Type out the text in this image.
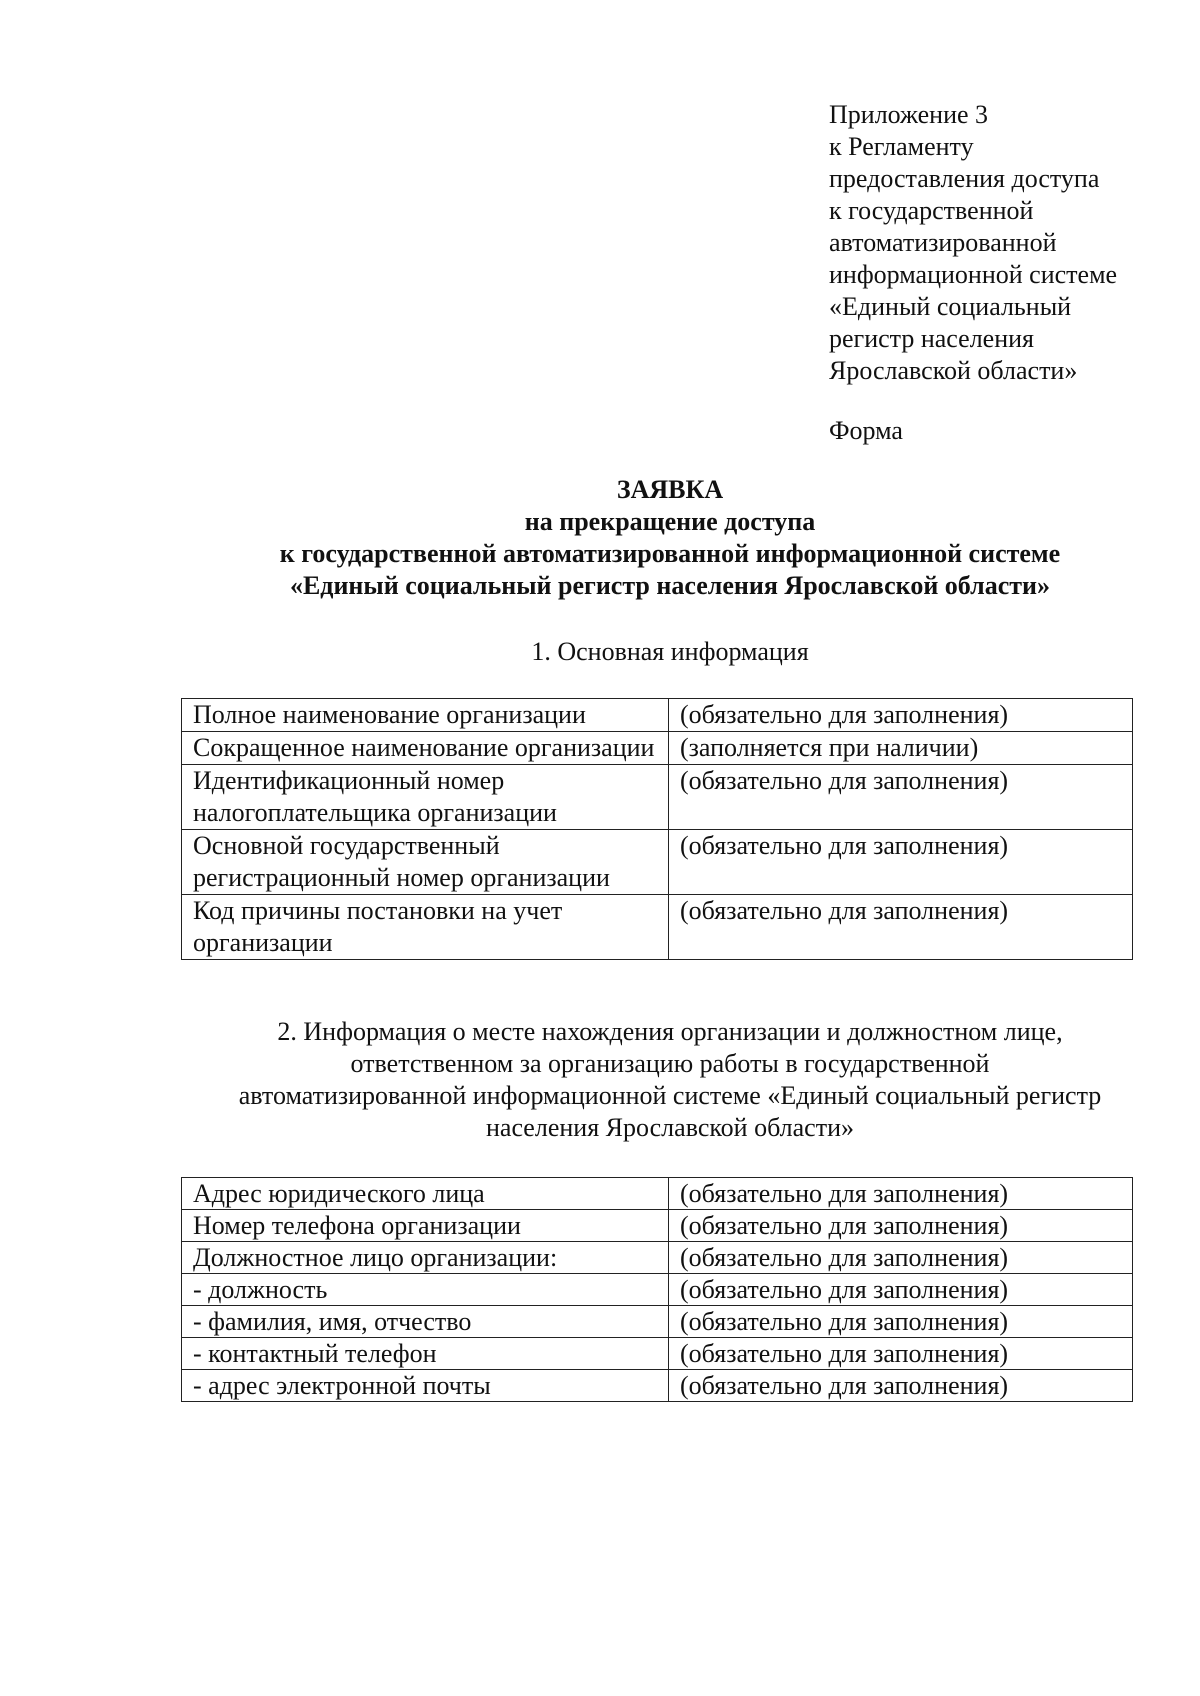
Приложение 3
к Регламенту
предоставления доступа
к государственной
автоматизированной
информационной системе
«Единый социальный
регистр населения
Ярославской области»
Форма
ЗАЯВКА
на прекращение доступа
к государственной автоматизированной информационной системе
«Единый социальный регистр населения Ярославской области»
1. Основная информация
Полное наименование организации	(обязательно для заполнения)
Сокращенное наименование организации	(заполняется при наличии)
Идентификационный номер налогоплательщика организации	(обязательно для заполнения)
Основной государственный регистрационный номер организации	(обязательно для заполнения)
Код причины постановки на учет организации	(обязательно для заполнения)
2. Информация о месте нахождения организации и должностном лице,
ответственном за организацию работы в государственной
автоматизированной информационной системе «Единый социальный регистр
населения Ярославской области»
Адрес юридического лица	(обязательно для заполнения)
Номер телефона организации	(обязательно для заполнения)
Должностное лицо организации:	(обязательно для заполнения)
- должность	(обязательно для заполнения)
- фамилия, имя, отчество	(обязательно для заполнения)
- контактный телефон	(обязательно для заполнения)
- адрес электронной почты	(обязательно для заполнения)
